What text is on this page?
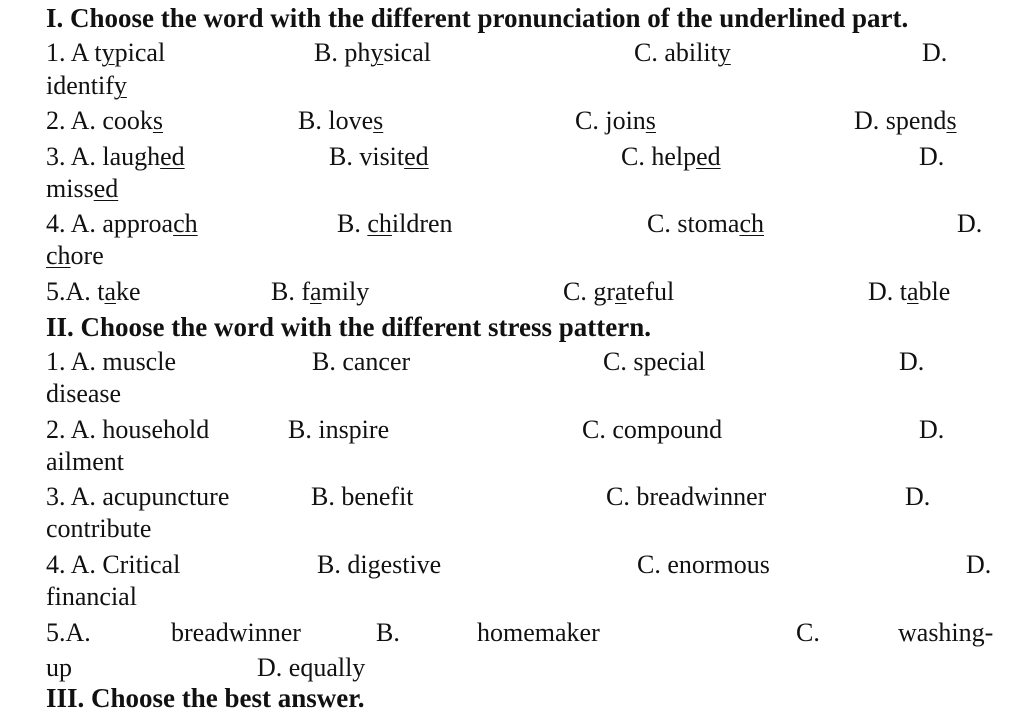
I. Choose the word with the different pronunciation of the underlined part.
1. A typical	B. physical	C. ability	D.
identify
2. A. cooks	B. loves	C. joins	D. spends
3. A. laughed	B. visited	C. helped	D.
missed
4. A. approach	B. children	C. stomach	D.
chore
5.A. take	B. family	C. grateful	D. table
II. Choose the word with the different stress pattern.
1. A. muscle	B. cancer	C. special	D.
disease
2. A. household	B. inspire	C. compound	D.
ailment
3. A. acupuncture	B. benefit	C. breadwinner	D.
contribute
4. A. Critical	B. digestive	C. enormous	D.
financial
5.A.	breadwinner	B.	homemaker	C.	washing-
up	D. equally
III. Choose the best answer.
